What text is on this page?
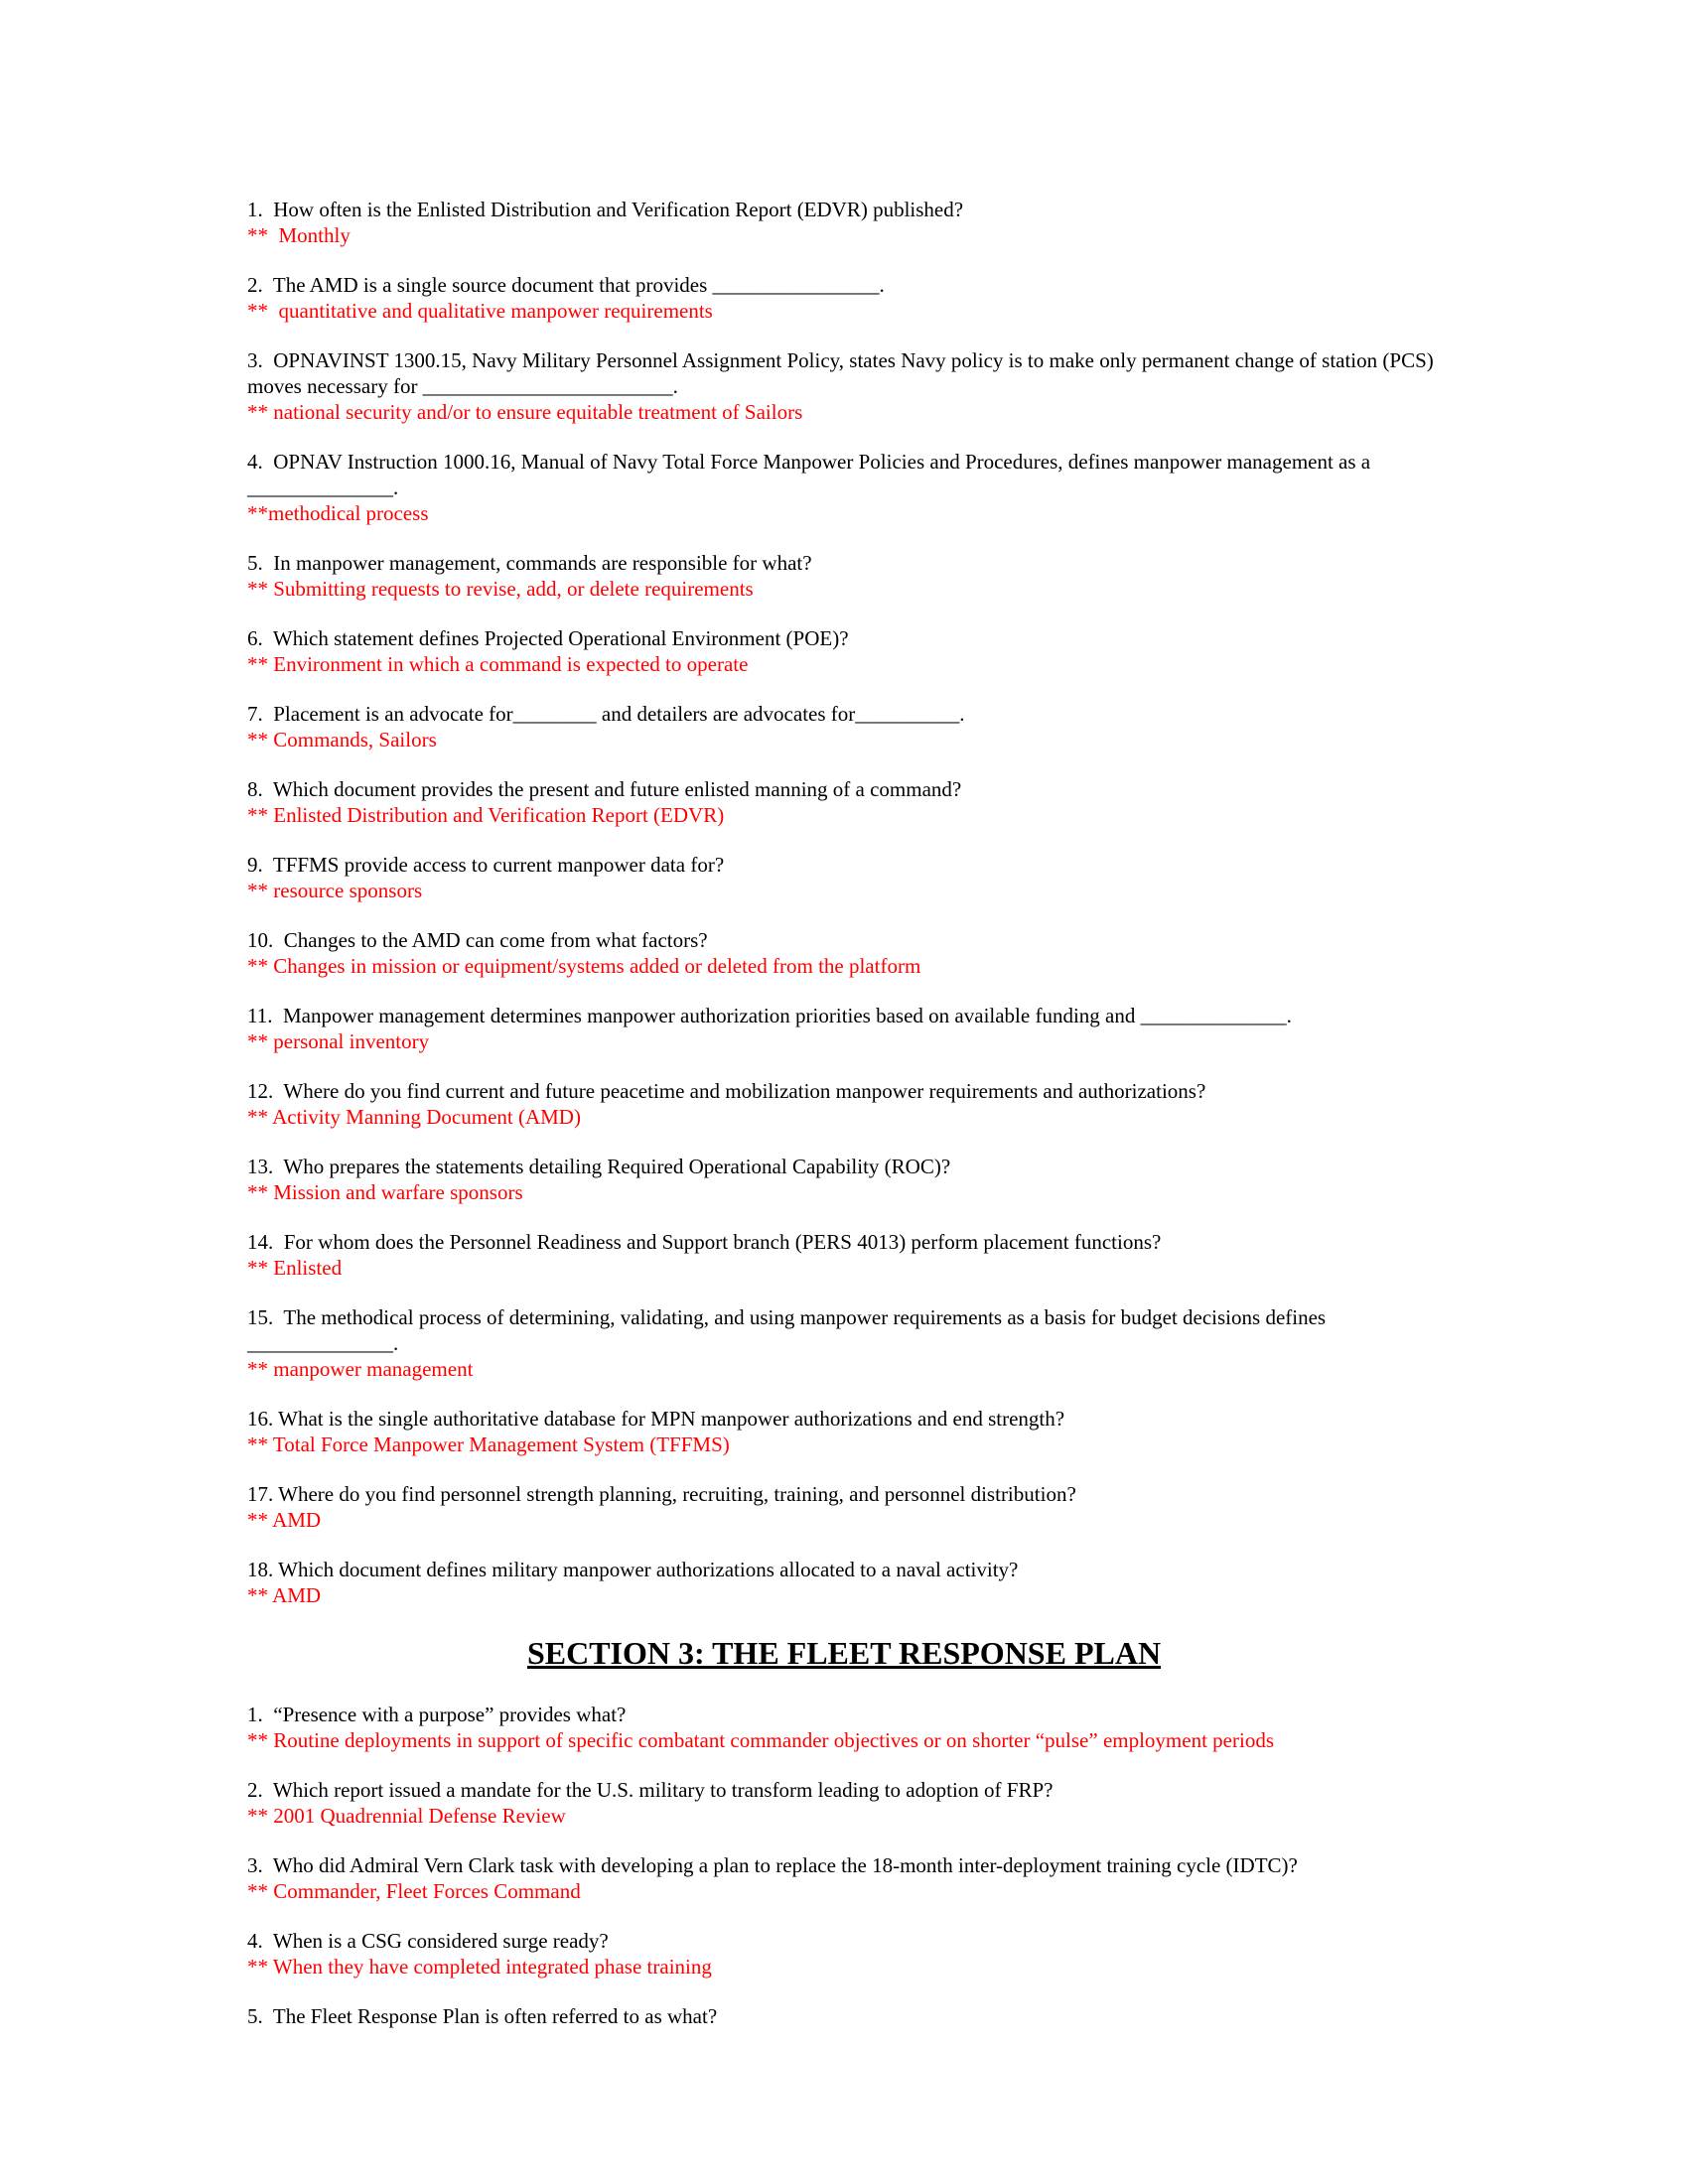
1.  How often is the Enlisted Distribution and Verification Report (EDVR) published?

**  Monthly

2.  The AMD is a single source document that provides ________________.

**  quantitative and qualitative manpower requirements

3.  OPNAVINST 1300.15, Navy Military Personnel Assignment Policy, states Navy policy is to make only permanent change of station (PCS) moves necessary for ________________________.

** national security and/or to ensure equitable treatment of Sailors

4.  OPNAV Instruction 1000.16, Manual of Navy Total Force Manpower Policies and Procedures, defines manpower management as a ______________.

**methodical process

5.  In manpower management, commands are responsible for what?

** Submitting requests to revise, add, or delete requirements

6.  Which statement defines Projected Operational Environment (POE)?

** Environment in which a command is expected to operate

7.  Placement is an advocate for________ and detailers are advocates for__________.

** Commands, Sailors

8.  Which document provides the present and future enlisted manning of a command?

** Enlisted Distribution and Verification Report (EDVR)

9.  TFFMS provide access to current manpower data for?

** resource sponsors

10.  Changes to the AMD can come from what factors?

** Changes in mission or equipment/systems added or deleted from the platform

11.  Manpower management determines manpower authorization priorities based on available funding and ______________.

** personal inventory

12.  Where do you find current and future peacetime and mobilization manpower requirements and authorizations?

** Activity Manning Document (AMD)

13.  Who prepares the statements detailing Required Operational Capability (ROC)?

** Mission and warfare sponsors

14.  For whom does the Personnel Readiness and Support branch (PERS 4013) perform placement functions?

** Enlisted

15.  The methodical process of determining, validating, and using manpower requirements as a basis for budget decisions defines ______________.

** manpower management

16. What is the single authoritative database for MPN manpower authorizations and end strength?

** Total Force Manpower Management System (TFFMS)

17. Where do you find personnel strength planning, recruiting, training, and personnel distribution?

** AMD

18. Which document defines military manpower authorizations allocated to a naval activity?

** AMD

SECTION 3: THE FLEET RESPONSE PLAN

1.  “Presence with a purpose” provides what?

** Routine deployments in support of specific combatant commander objectives or on shorter “pulse” employment periods

2.  Which report issued a mandate for the U.S. military to transform leading to adoption of FRP?

** 2001 Quadrennial Defense Review

3.  Who did Admiral Vern Clark task with developing a plan to replace the 18-month inter-deployment training cycle (IDTC)?

** Commander, Fleet Forces Command

4.  When is a CSG considered surge ready?

** When they have completed integrated phase training

5.  The Fleet Response Plan is often referred to as what?
